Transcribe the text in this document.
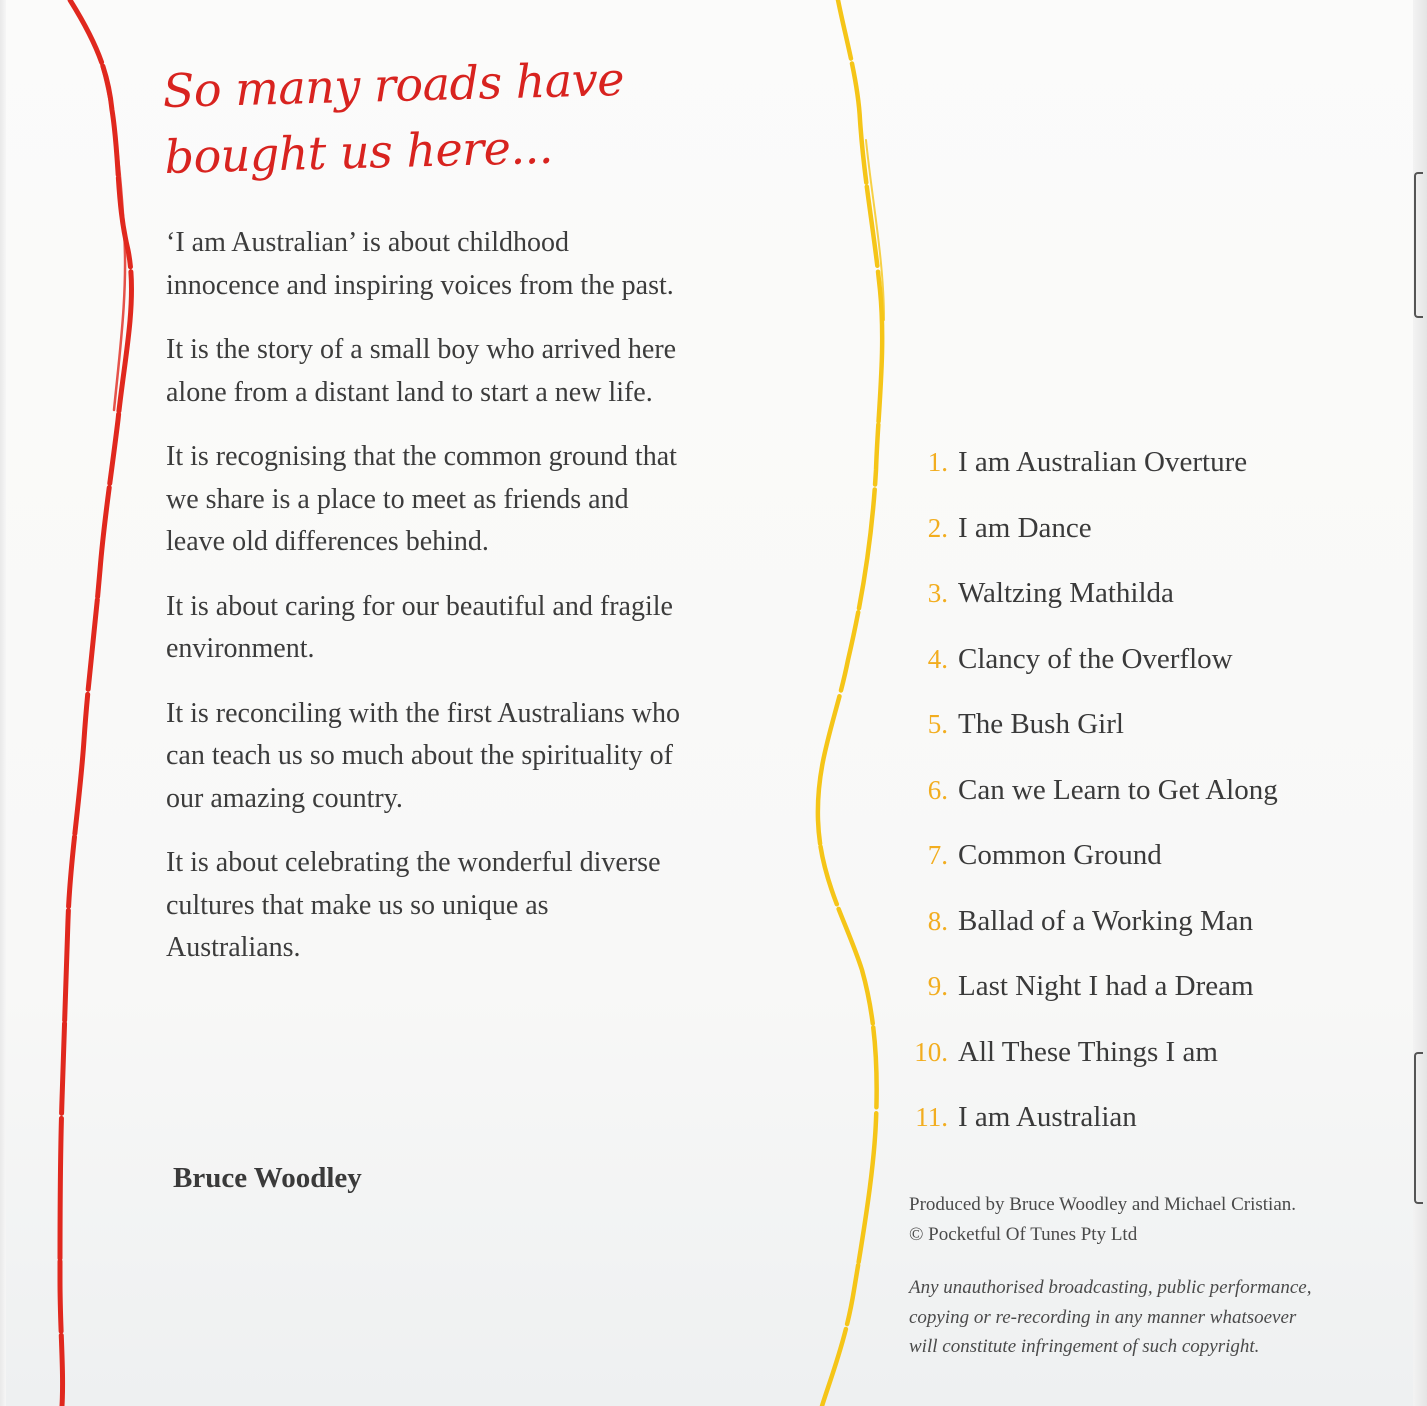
So many roads have
bought us here...

‘I am Australian’ is about childhood innocence and inspiring voices from the past.

It is the story of a small boy who arrived here alone from a distant land to start a new life.

It is recognising that the common ground that we share is a place to meet as friends and leave old differences behind.

It is about caring for our beautiful and fragile environment.

It is reconciling with the first Australians who can teach us so much about the spirituality of our amazing country.

It is about celebrating the wonderful diverse cultures that make us so unique as Australians.

Bruce Woodley

1. I am Australian Overture
2. I am Dance
3. Waltzing Mathilda
4. Clancy of the Overflow
5. The Bush Girl
6. Can we Learn to Get Along
7. Common Ground
8. Ballad of a Working Man
9. Last Night I had a Dream
10. All These Things I am
11. I am Australian

Produced by Bruce Woodley and Michael Cristian.

© Pocketful Of Tunes Pty Ltd

Any unauthorised broadcasting, public performance,

copying or re-recording in any manner whatsoever

will constitute infringement of such copyright.
